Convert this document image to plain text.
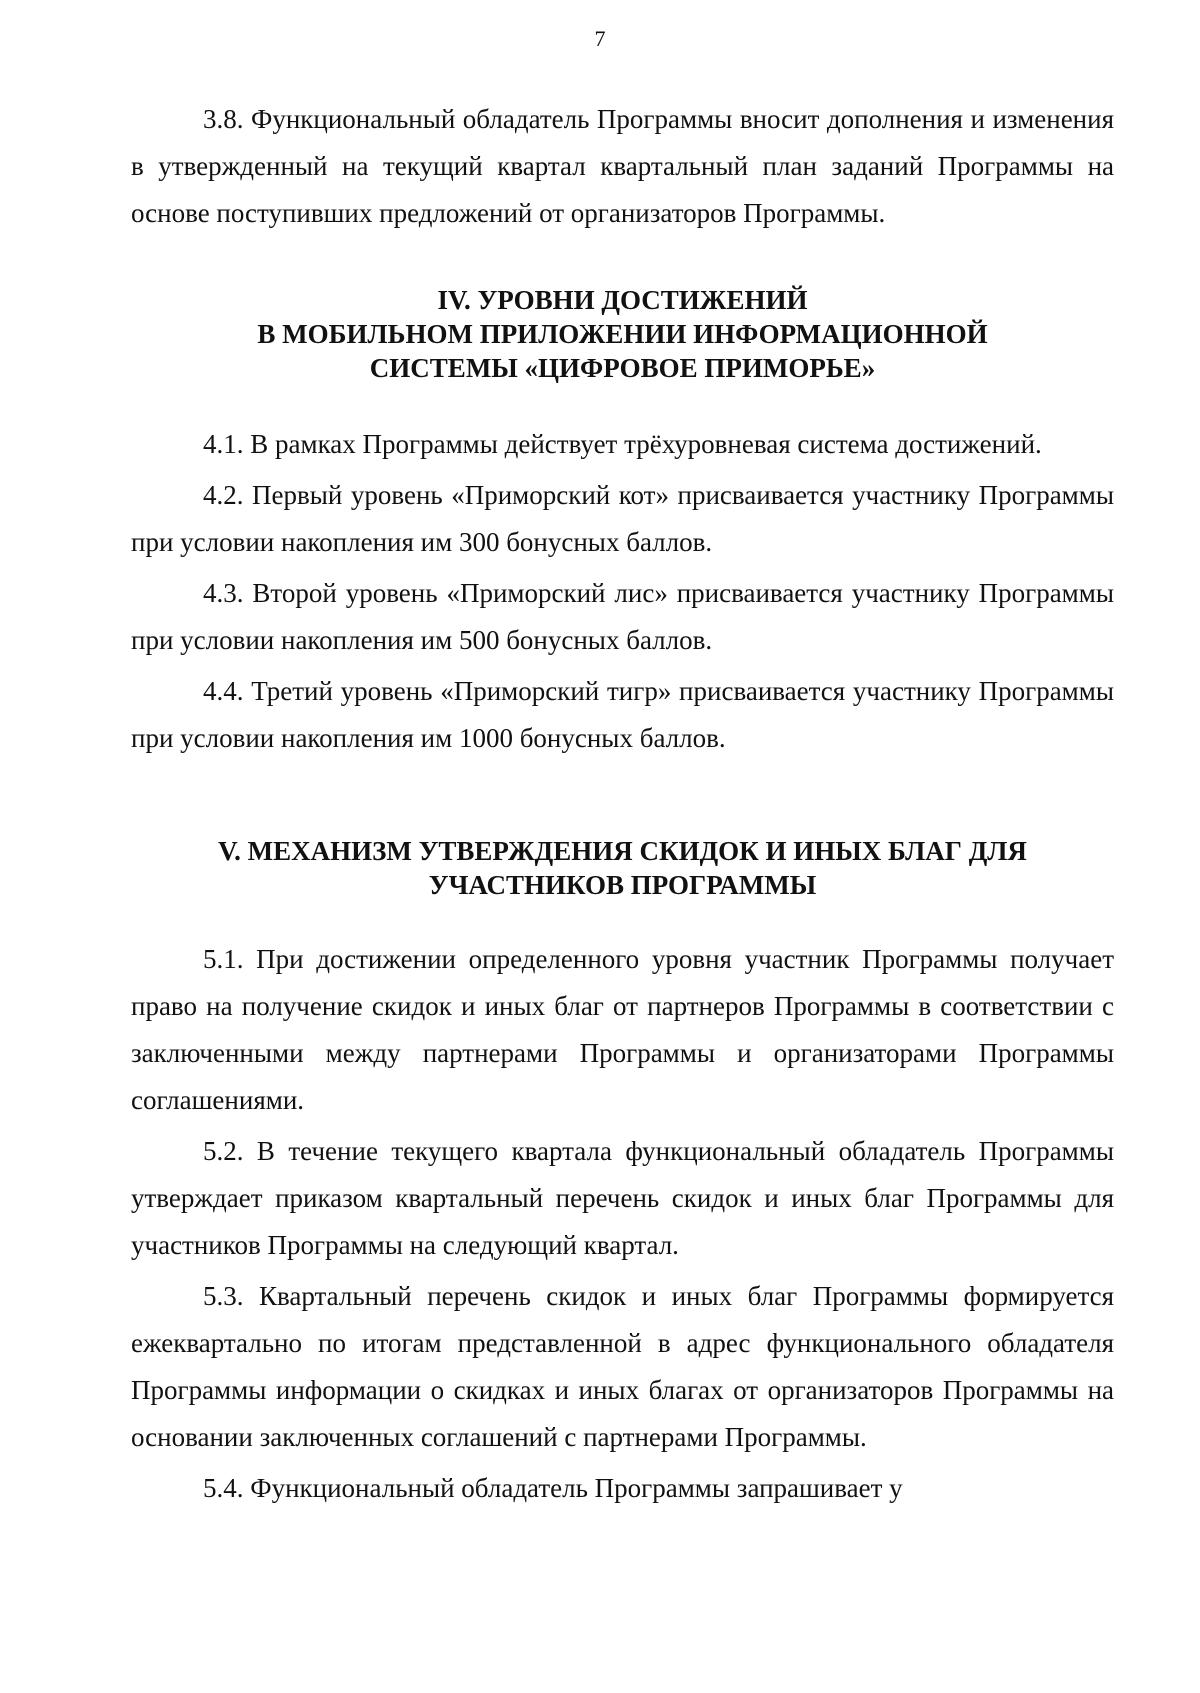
7

3.8. Функциональный обладатель Программы вносит дополнения и изменения в утвержденный на текущий квартал квартальный план заданий Программы на основе поступивших предложений от организаторов Программы.

IV. УРОВНИ ДОСТИЖЕНИЙ
В МОБИЛЬНОМ ПРИЛОЖЕНИИ ИНФОРМАЦИОННОЙ
СИСТЕМЫ «ЦИФРОВОЕ ПРИМОРЬЕ»

4.1. В рамках Программы действует трёхуровневая система достижений.

4.2. Первый уровень «Приморский кот» присваивается участнику Программы при условии накопления им 300 бонусных баллов.

4.3. Второй уровень «Приморский лис» присваивается участнику Программы при условии накопления им 500 бонусных баллов.

4.4. Третий уровень «Приморский тигр» присваивается участнику Программы при условии накопления им 1000 бонусных баллов.

V. МЕХАНИЗМ УТВЕРЖДЕНИЯ СКИДОК И ИНЫХ БЛАГ ДЛЯ
УЧАСТНИКОВ ПРОГРАММЫ

5.1. При достижении определенного уровня участник Программы получает право на получение скидок и иных благ от партнеров Программы в соответствии с заключенными между партнерами Программы и организаторами Программы соглашениями.

5.2. В течение текущего квартала функциональный обладатель Программы утверждает приказом квартальный перечень скидок и иных благ Программы для участников Программы на следующий квартал.

5.3. Квартальный перечень скидок и иных благ Программы формируется ежеквартально по итогам представленной в адрес функционального обладателя Программы информации о скидках и иных благах от организаторов Программы на основании заключенных соглашений с партнерами Программы.

5.4. Функциональный обладатель Программы запрашивает у
